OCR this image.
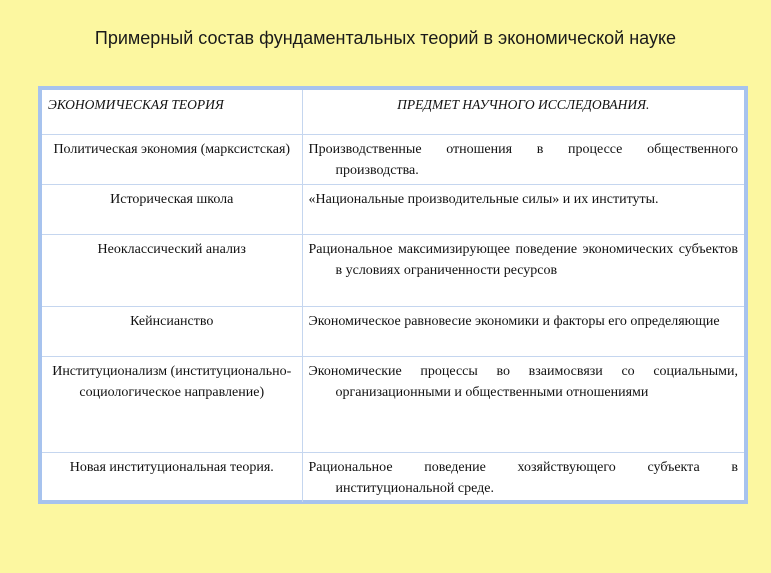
Примерный состав фундаментальных теорий в экономической науке
ЭКОНОМИЧЕСКАЯ ТЕОРИЯ	ПРЕДМЕТ НАУЧНОГО ИССЛЕДОВАНИЯ.
Политическая экономия (марксистская)	Производственные отношения в процессе общественного производства.

Историческая школа	«Национальные производительные силы» и их институты.

Неоклассический анализ	Рациональное максимизирующее поведение экономических субъектов в условиях ограниченности ресурсов

Кейнсианство	Экономическое равновесие экономики и факторы его определяющие

Институционализм (институционально-социологическое направление)	Экономические процессы во взаимосвязи со социальными, организационными и общественными отношениями

Новая институциональная теория.	Рациональное поведение хозяйствующего субъекта в институциональной среде.
